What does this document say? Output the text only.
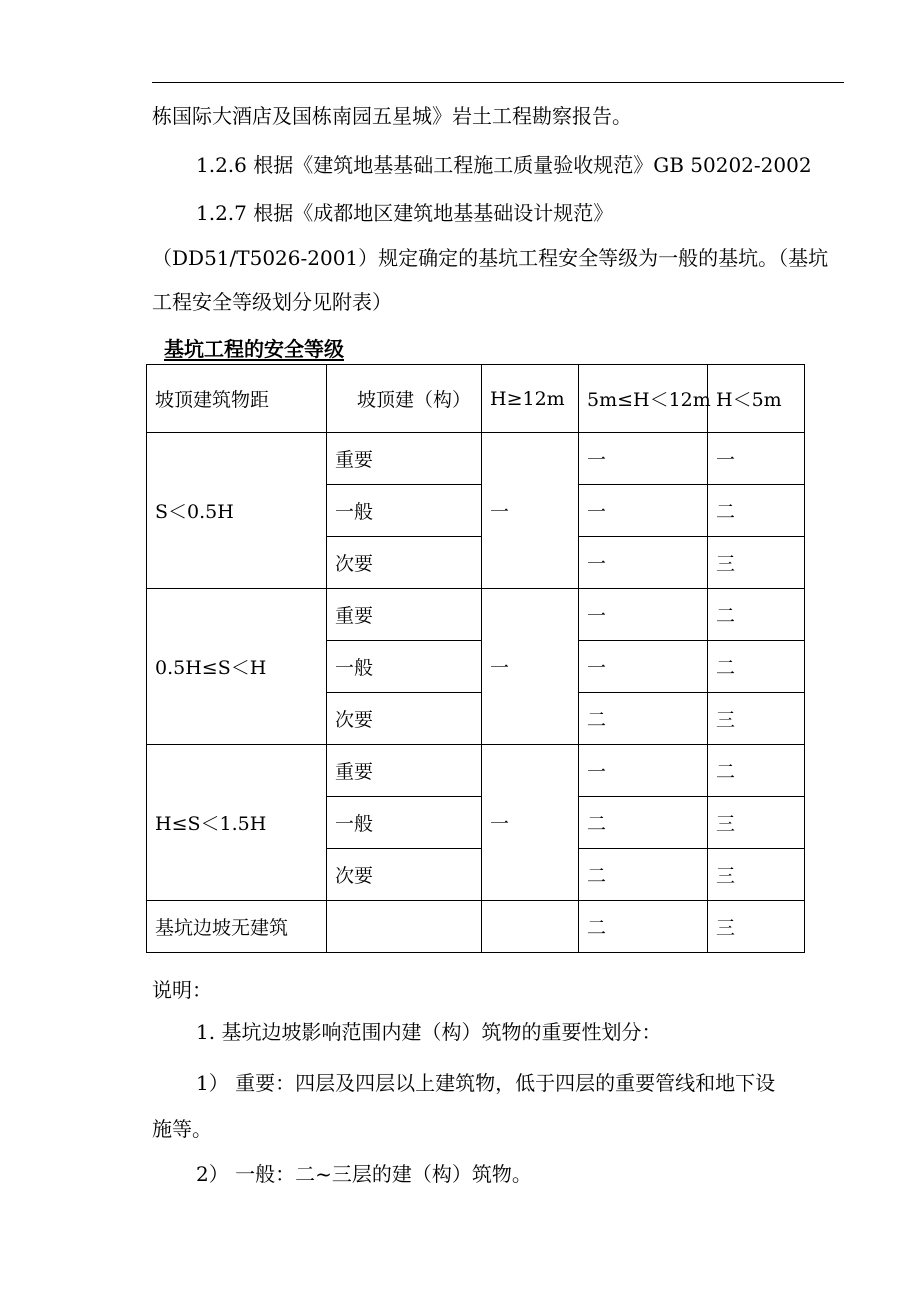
栋国际大酒店及国栋南园五星城》岩土工程勘察报告。
1.2.6 根据《建筑地基基础工程施工质量验收规范》GB 50202-2002
1.2.7 根据《成都地区建筑地基基础设计规范》
（DD51/T5026-2001）规定确定的基坑工程安全等级为一般的基坑。（基坑
工程安全等级划分见附表）
基坑工程的安全等级
坡顶建筑物距	坡顶建（构）	H≥12m	5m≤H＜12m	H＜5m
S＜0.5H	重要	一	一	一
	一般		一	二
	次要		一	三
0.5H≤S＜H	重要	一	一	二
	一般		一	二
	次要		二	三
H≤S＜1.5H	重要	一	一	二
	一般		二	三
	次要		二	三
基坑边坡无建筑			二	三
说明：
1. 基坑边坡影响范围内建（构）筑物的重要性划分：
1） 重要：四层及四层以上建筑物，低于四层的重要管线和地下设
施等。
2） 一般：二~三层的建（构）筑物。
